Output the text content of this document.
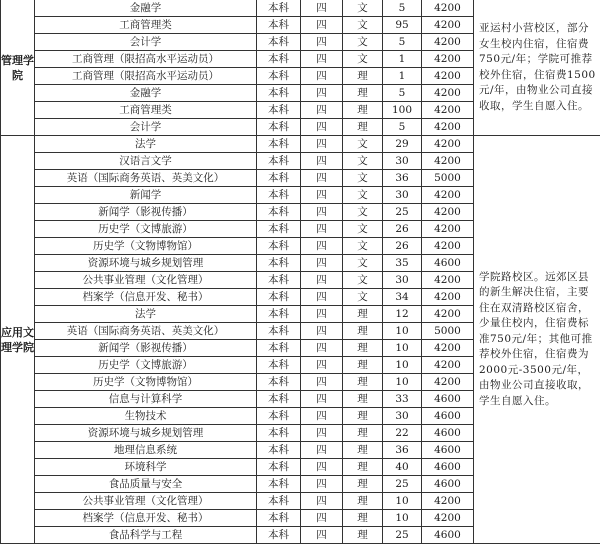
管理学院	金融学	本科	四	文	5	4200	亚运村小营校区，部分女生校内住宿，住宿费750元/年；学院可推荐校外住宿，住宿费1500元/年，由物业公司直接收取，学生自愿入住。
	工商管理类	本科	四	文	95	4200	
	会计学	本科	四	文	5	4200	
	工商管理（限招高水平运动员）	本科	四	文	1	4200	
	工商管理（限招高水平运动员）	本科	四	理	1	4200	
	金融学	本科	四	理	5	4200	
	工商管理类	本科	四	理	100	4200	
	会计学	本科	四	理	5	4200	
应用文理学院	法学	本科	四	文	29	4200	学院路校区。远郊区县的新生解决住宿，主要住在双清路校区宿舍，少量住校内，住宿费标准750元/年；其他可推荐校外住宿，住宿费为2000元-3500元/年，由物业公司直接收取，学生自愿入住。
	汉语言文学	本科	四	文	30	4200	
	英语（国际商务英语、英美文化）	本科	四	文	36	5000	
	新闻学	本科	四	文	30	4200	
	新闻学（影视传播）	本科	四	文	25	4200	
	历史学（文博旅游）	本科	四	文	26	4200	
	历史学（文物博物馆）	本科	四	文	26	4200	
	资源环境与城乡规划管理	本科	四	文	35	4600	
	公共事业管理（文化管理）	本科	四	文	30	4200	
	档案学（信息开发、秘书）	本科	四	文	34	4200	
	法学	本科	四	理	12	4200	
	英语（国际商务英语、英美文化）	本科	四	理	10	5000	
	新闻学（影视传播）	本科	四	理	10	4200	
	历史学（文博旅游）	本科	四	理	10	4200	
	历史学（文物博物馆）	本科	四	理	10	4200	
	信息与计算科学	本科	四	理	33	4600	
	生物技术	本科	四	理	30	4600	
	资源环境与城乡规划管理	本科	四	理	22	4600	
	地理信息系统	本科	四	理	36	4600	
	环境科学	本科	四	理	40	4600	
	食品质量与安全	本科	四	理	25	4600	
	公共事业管理（文化管理）	本科	四	理	10	4200	
	档案学（信息开发、秘书）	本科	四	理	10	4200	
	食品科学与工程	本科	四	理	25	4600	
